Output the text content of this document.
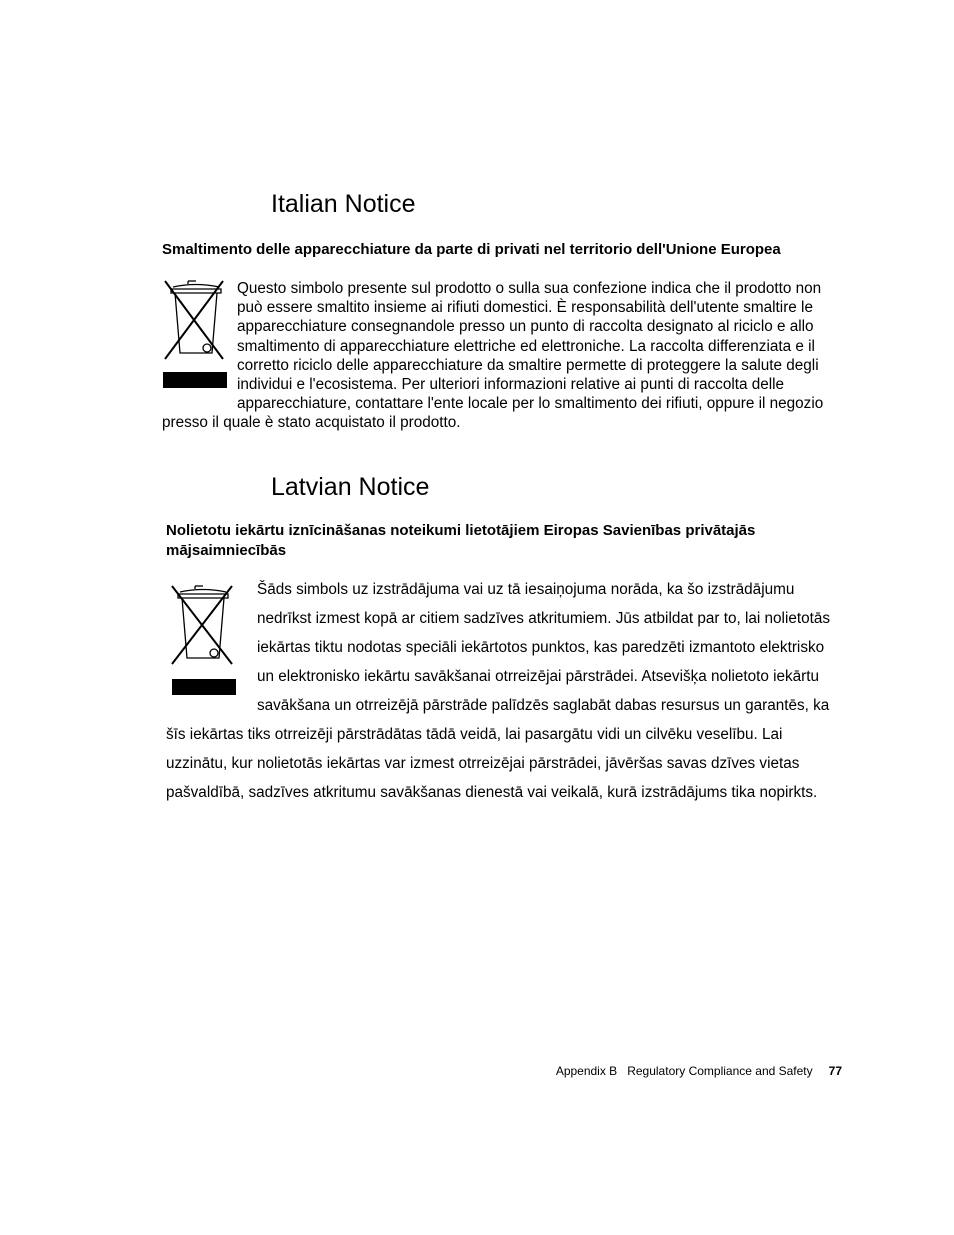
Italian Notice
Smaltimento delle apparecchiature da parte di privati nel territorio dell'Unione Europea

Questo simbolo presente sul prodotto o sulla sua confezione indica che il prodotto non può essere smaltito insieme ai rifiuti domestici. È responsabilità dell'utente smaltire le apparecchiature consegnandole presso un punto di raccolta designato al riciclo e allo smaltimento di apparecchiature elettriche ed elettroniche. La raccolta differenziata e il corretto riciclo delle apparecchiature da smaltire permette di proteggere la salute degli individui e l'ecosistema. Per ulteriori informazioni relative ai punti di raccolta delle apparecchiature, contattare l'ente locale per lo smaltimento dei rifiuti, oppure il negozio presso il quale è stato acquistato il prodotto.

Latvian Notice
Nolietotu iekārtu iznīcināšanas noteikumi lietotājiem Eiropas Savienības privātajās mājsaimniecībās

Šāds simbols uz izstrādājuma vai uz tā iesaiņojuma norāda, ka šo izstrādājumu nedrīkst izmest kopā ar citiem sadzīves atkritumiem. Jūs atbildat par to, lai nolietotās iekārtas tiktu nodotas speciāli iekārtotos punktos, kas paredzēti izmantoto elektrisko un elektronisko iekārtu savākšanai otrreizējai pārstrādei. Atsevišķa nolietoto iekārtu savākšana un otrreizējā pārstrāde palīdzēs saglabāt dabas resursus un garantēs, ka šīs iekārtas tiks otrreizēji pārstrādātas tādā veidā, lai pasargātu vidi un cilvēku veselību. Lai uzzinātu, kur nolietotās iekārtas var izmest otrreizējai pārstrādei, jāvēršas savas dzīves vietas pašvaldībā, sadzīves atkritumu savākšanas dienestā vai veikalā, kurā izstrādājums tika nopirkts.

Appendix B Regulatory Compliance and Safety 77
